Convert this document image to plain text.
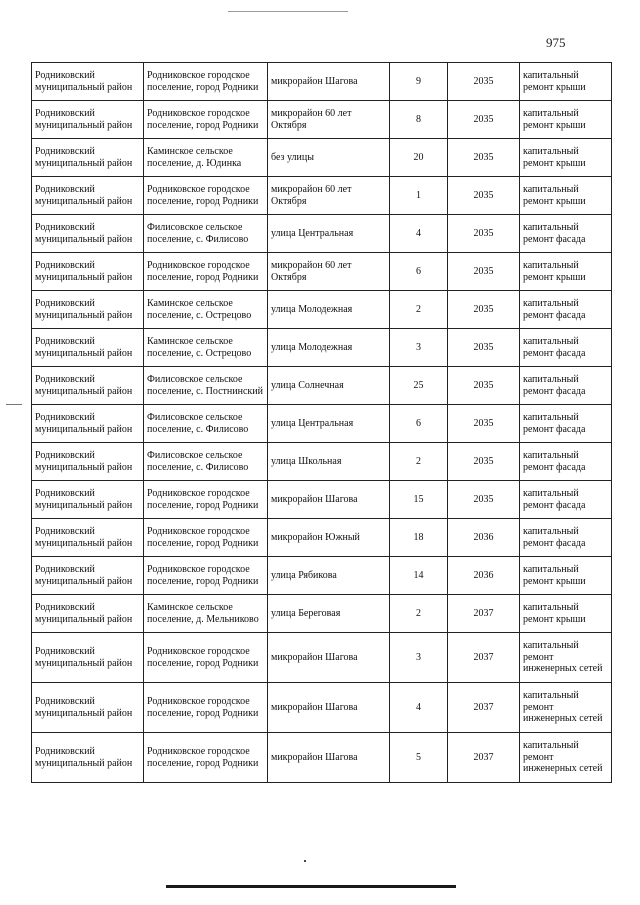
975
Родниковский муниципальный район	Родниковское городское поселение, город Родники	микрорайон Шагова	9	2035	капитальный ремонт крыши
Родниковский муниципальный район	Родниковское городское поселение, город Родники	микрорайон 60 лет Октября	8	2035	капитальный ремонт крыши
Родниковский муниципальный район	Каминское сельское поселение, д. Юдинка	без улицы	20	2035	капитальный ремонт крыши
Родниковский муниципальный район	Родниковское городское поселение, город Родники	микрорайон 60 лет Октября	1	2035	капитальный ремонт крыши
Родниковский муниципальный район	Филисовское сельское поселение, с. Филисово	улица Центральная	4	2035	капитальный ремонт фасада
Родниковский муниципальный район	Родниковское городское поселение, город Родники	микрорайон 60 лет Октября	6	2035	капитальный ремонт крыши
Родниковский муниципальный район	Каминское сельское поселение, с. Острецово	улица Молодежная	2	2035	капитальный ремонт фасада
Родниковский муниципальный район	Каминское сельское поселение, с. Острецово	улица Молодежная	3	2035	капитальный ремонт фасада
Родниковский муниципальный район	Филисовское сельское поселение, с. Постнинский	улица Солнечная	25	2035	капитальный ремонт фасада
Родниковский муниципальный район	Филисовское сельское поселение, с. Филисово	улица Центральная	6	2035	капитальный ремонт фасада
Родниковский муниципальный район	Филисовское сельское поселение, с. Филисово	улица Школьная	2	2035	капитальный ремонт фасада
Родниковский муниципальный район	Родниковское городское поселение, город Родники	микрорайон Шагова	15	2035	капитальный ремонт фасада
Родниковский муниципальный район	Родниковское городское поселение, город Родники	микрорайон Южный	18	2036	капитальный ремонт фасада
Родниковский муниципальный район	Родниковское городское поселение, город Родники	улица Рябикова	14	2036	капитальный ремонт крыши
Родниковский муниципальный район	Каминское сельское поселение, д. Мельниково	улица Береговая	2	2037	капитальный ремонт крыши
Родниковский муниципальный район	Родниковское городское поселение, город Родники	микрорайон Шагова	3	2037	капитальный ремонт инженерных сетей
Родниковский муниципальный район	Родниковское городское поселение, город Родники	микрорайон Шагова	4	2037	капитальный ремонт инженерных сетей
Родниковский муниципальный район	Родниковское городское поселение, город Родники	микрорайон Шагова	5	2037	капитальный ремонт инженерных сетей
